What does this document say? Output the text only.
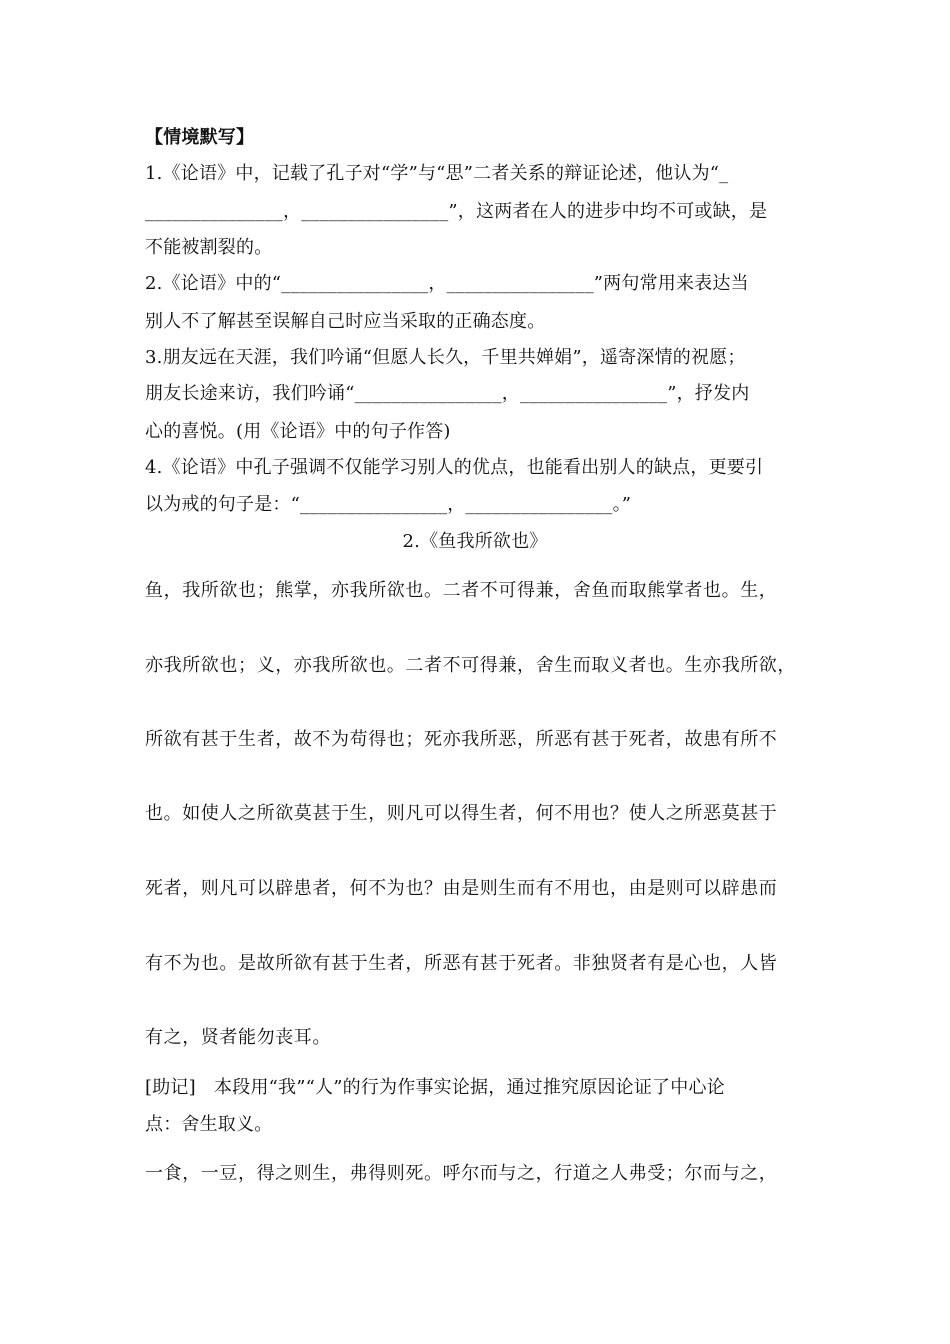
【情境默写】
1.《论语》中，记载了孔子对“学”与“思”二者关系的辩证论述，他认为“_
_______________，________________”，这两者在人的进步中均不可或缺，是
不能被割裂的。
2.《论语》中的“________________，________________”两句常用来表达当
别人不了解甚至误解自己时应当采取的正确态度。
3.朋友远在天涯，我们吟诵“但愿人长久，千里共婵娟”，遥寄深情的祝愿；
朋友长途来访，我们吟诵“________________，________________”，抒发内
心的喜悦。(用《论语》中的句子作答)
4.《论语》中孔子强调不仅能学习别人的优点，也能看出别人的缺点，更要引
以为戒的句子是：“________________，________________。”
2.《鱼我所欲也》
鱼，我所欲也；熊掌，亦我所欲也。二者不可得兼，舍鱼而取熊掌者也。生，
亦我所欲也；义，亦我所欲也。二者不可得兼，舍生而取义者也。生亦我所欲，
所欲有甚于生者，故不为苟得也；死亦我所恶，所恶有甚于死者，故患有所不
也。如使人之所欲莫甚于生，则凡可以得生者，何不用也？使人之所恶莫甚于
死者，则凡可以辟患者，何不为也？由是则生而有不用也，由是则可以辟患而
有不为也。是故所欲有甚于生者，所恶有甚于死者。非独贤者有是心也，人皆
有之，贤者能勿丧耳。
[助记]　本段用“我”“人”的行为作事实论据，通过推究原因论证了中心论
点：舍生取义。
一食，一豆，得之则生，弗得则死。呼尔而与之，行道之人弗受；尔而与之，
